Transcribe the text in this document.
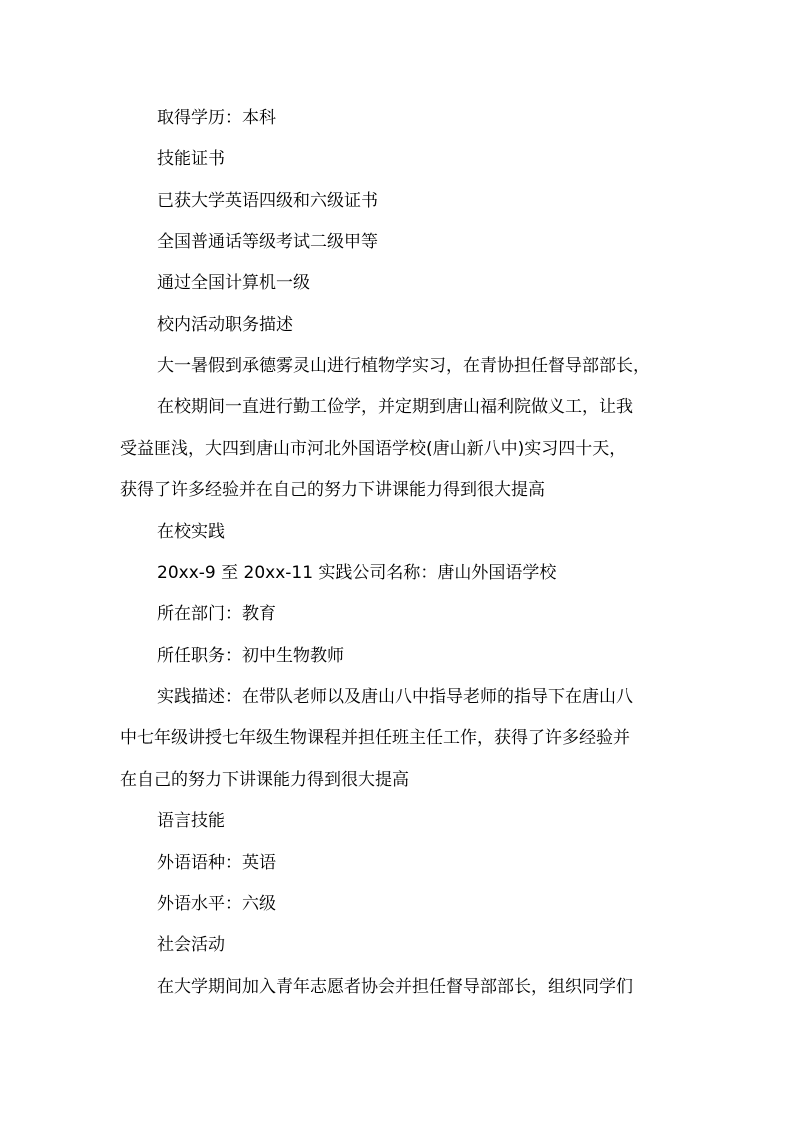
取得学历：本科

技能证书

已获大学英语四级和六级证书

全国普通话等级考试二级甲等

通过全国计算机一级

校内活动职务描述

大一暑假到承德雾灵山进行植物学实习，在青协担任督导部部长，

在校期间一直进行勤工俭学，并定期到唐山福利院做义工，让我

受益匪浅，大四到唐山市河北外国语学校(唐山新八中)实习四十天，

获得了许多经验并在自己的努力下讲课能力得到很大提高

在校实践

20xx-9 至 20xx-11 实践公司名称：唐山外国语学校

所在部门：教育

所任职务：初中生物教师

实践描述：在带队老师以及唐山八中指导老师的指导下在唐山八

中七年级讲授七年级生物课程并担任班主任工作，获得了许多经验并

在自己的努力下讲课能力得到很大提高

语言技能

外语语种：英语

外语水平：六级

社会活动

在大学期间加入青年志愿者协会并担任督导部部长，组织同学们
